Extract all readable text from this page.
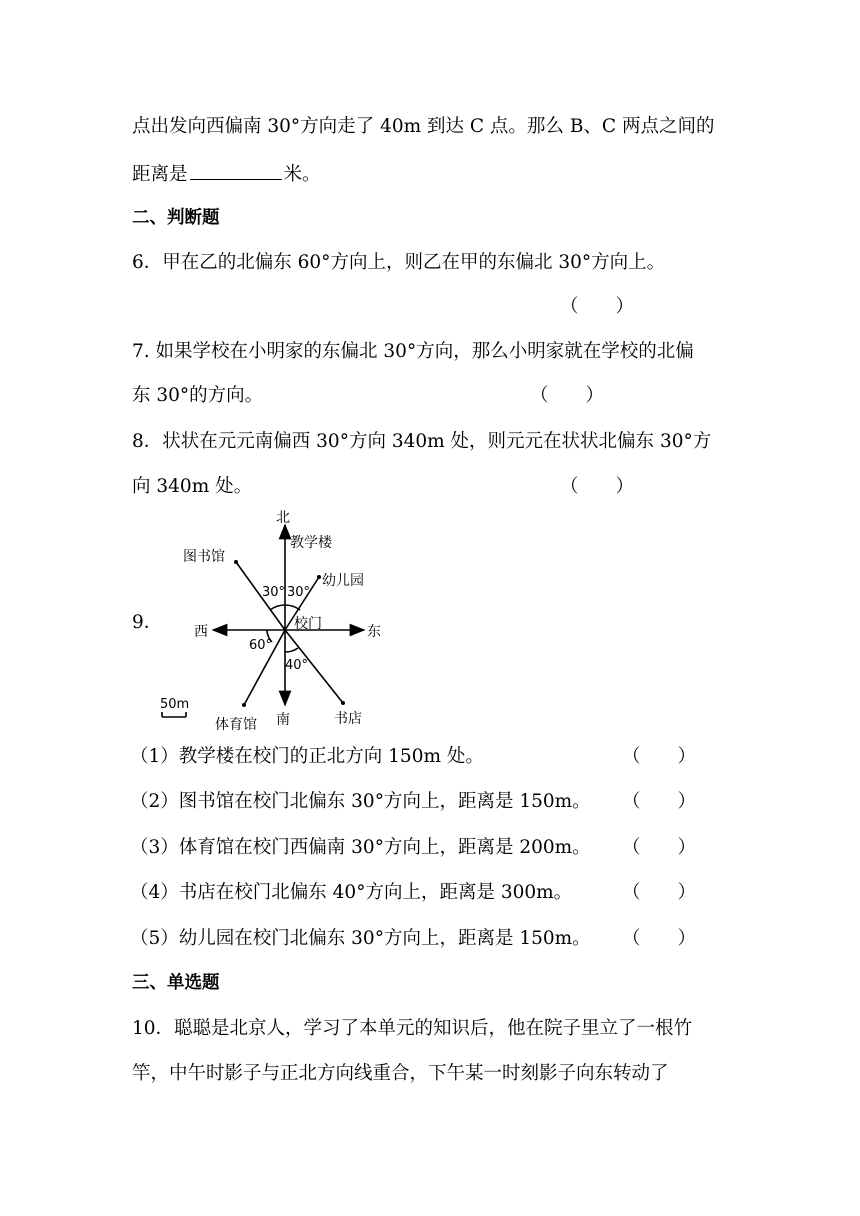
点出发向西偏南 30°方向走了 40m 到达 C 点。那么 B、C 两点之间的
距离是	米。
二、判断题
6．甲在乙的北偏东 60°方向上，则乙在甲的东偏北 30°方向上。
（　　）
7. 如果学校在小明家的东偏北 30°方向，那么小明家就在学校的北偏
东 30°的方向。	（　　）
8．状状在元元南偏西 30°方向 340m 处，则元元在状状北偏东 30°方
向 340m 处。	（　　）
9．
北
教学楼
图书馆
幼儿园
30° 30°
西	东
校门
60°
40°
50m
南	书店
体育馆
（1）教学楼在校门的正北方向 150m 处。	（　　）
（2）图书馆在校门北偏东 30°方向上，距离是 150m。 （　　）
（3）体育馆在校门西偏南 30°方向上，距离是 200m。 （　　）
（4）书店在校门北偏东 40°方向上，距离是 300m。	（　　）
（5）幼儿园在校门北偏东 30°方向上，距离是 150m。 （　　）
三、单选题
10．聪聪是北京人，学习了本单元的知识后，他在院子里立了一根竹
竿，中午时影子与正北方向线重合，下午某一时刻影子向东转动了
